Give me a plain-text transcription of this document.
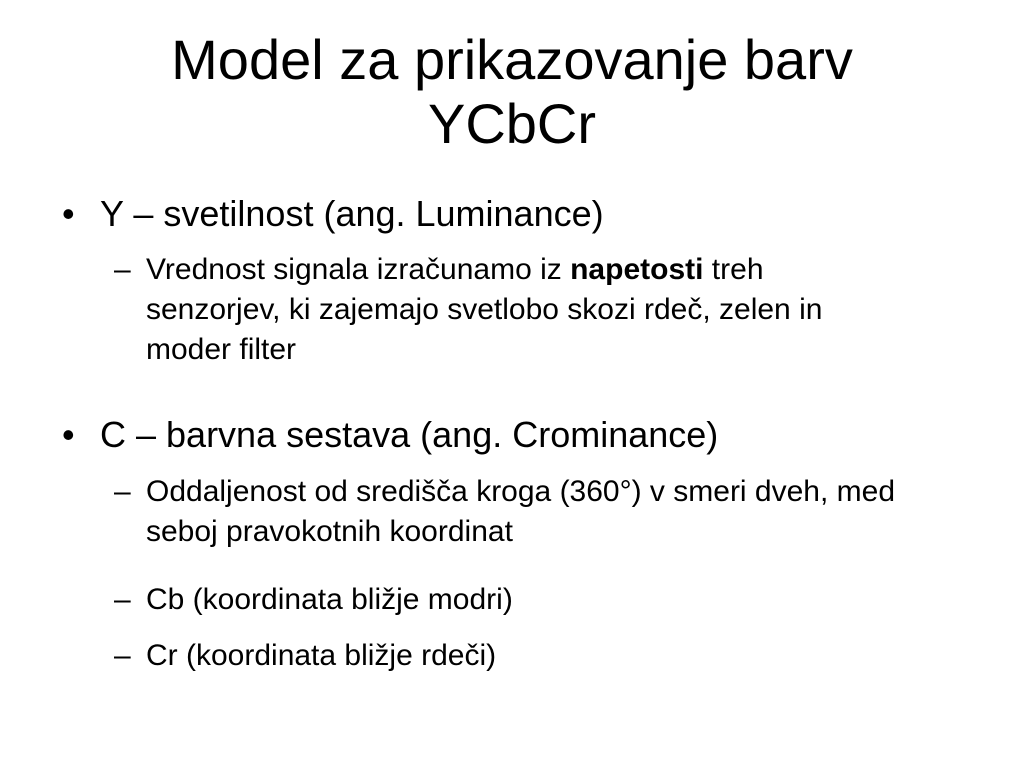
Model za prikazovanje barv
YCbCr
• Y – svetilnost (ang. Luminance)
– Vrednost signala izračunamo iz napetosti treh senzorjev, ki zajemajo svetlobo skozi rdeč, zelen in moder filter
• C – barvna sestava (ang. Crominance)
– Oddaljenost od središča kroga (360°) v smeri dveh, med seboj pravokotnih koordinat
– Cb (koordinata bližje modri)
– Cr (koordinata bližje rdeči)
